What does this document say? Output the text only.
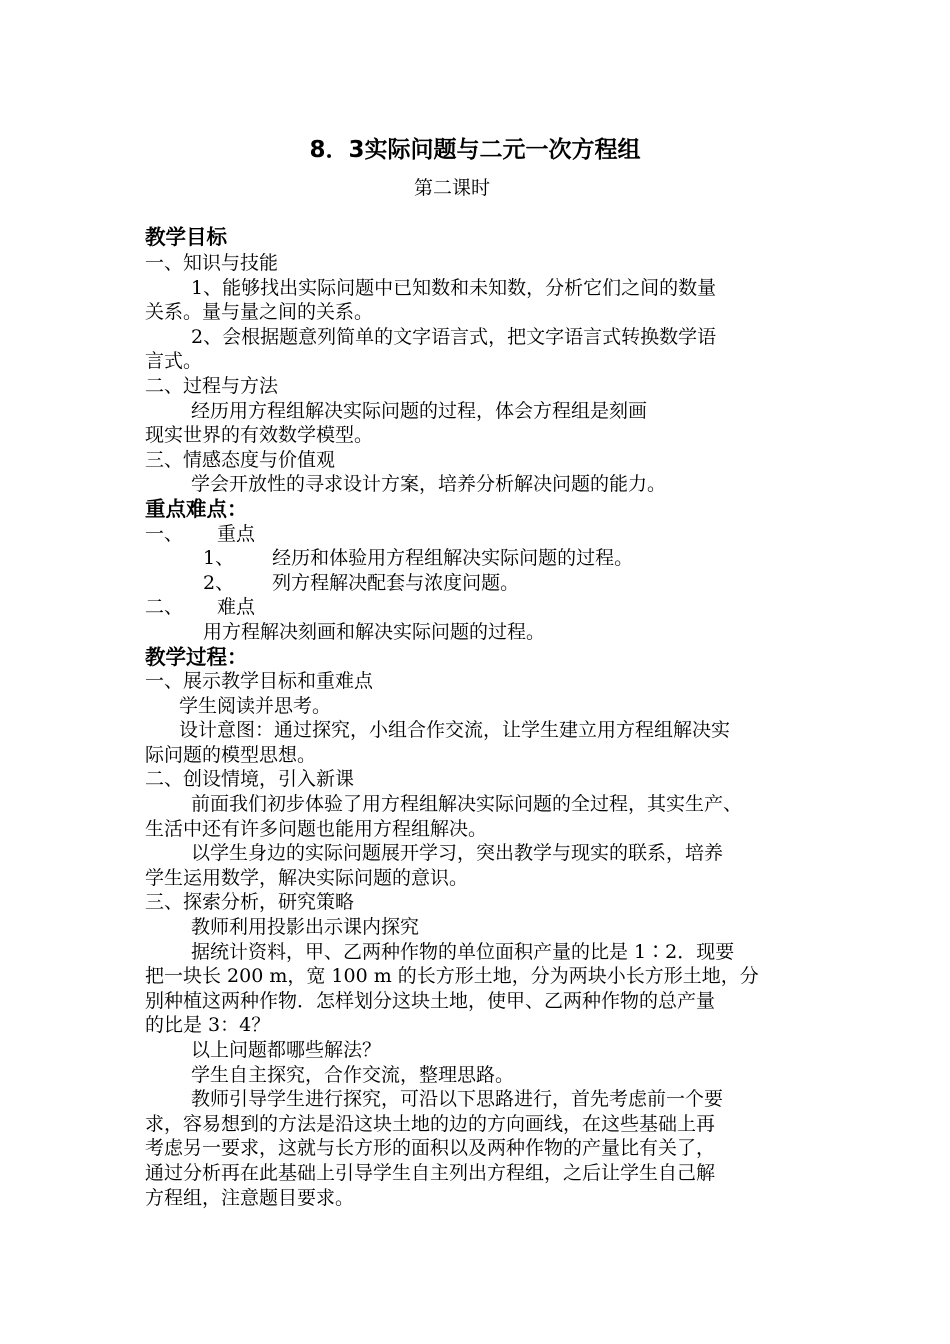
8．3实际问题与二元一次方程组
第二课时
教学目标
一、知识与技能
1、能够找出实际问题中已知数和未知数，分析它们之间的数量
关系。量与量之间的关系。
2、会根据题意列简单的文字语言式，把文字语言式转换数学语
言式。
二、过程与方法
经历用方程组解决实际问题的过程，体会方程组是刻画
现实世界的有效数学模型。
三、情感态度与价值观
学会开放性的寻求设计方案，培养分析解决问题的能力。
重点难点：
一、 重点
1、 经历和体验用方程组解决实际问题的过程。
2、 列方程解决配套与浓度问题。
二、 难点
用方程解决刻画和解决实际问题的过程。
教学过程：
一、展示教学目标和重难点
学生阅读并思考。
设计意图：通过探究，小组合作交流，让学生建立用方程组解决实
际问题的模型思想。
二、创设情境，引入新课
前面我们初步体验了用方程组解决实际问题的全过程，其实生产、
生活中还有许多问题也能用方程组解决。
以学生身边的实际问题展开学习，突出教学与现实的联系，培养
学生运用数学，解决实际问题的意识。
三、探索分析，研究策略
教师利用投影出示课内探究
据统计资料，甲、乙两种作物的单位面积产量的比是 1∶2．现要
把一块长 200 m，宽 100 m 的长方形土地，分为两块小长方形土地，分
别种植这两种作物．怎样划分这块土地，使甲、乙两种作物的总产量
的比是 3：4？
以上问题都哪些解法？
学生自主探究，合作交流，整理思路。
教师引导学生进行探究，可沿以下思路进行，首先考虑前一个要
求，容易想到的方法是沿这块土地的边的方向画线，在这些基础上再
考虑另一要求，这就与长方形的面积以及两种作物的产量比有关了，
通过分析再在此基础上引导学生自主列出方程组，之后让学生自己解
方程组，注意题目要求。
